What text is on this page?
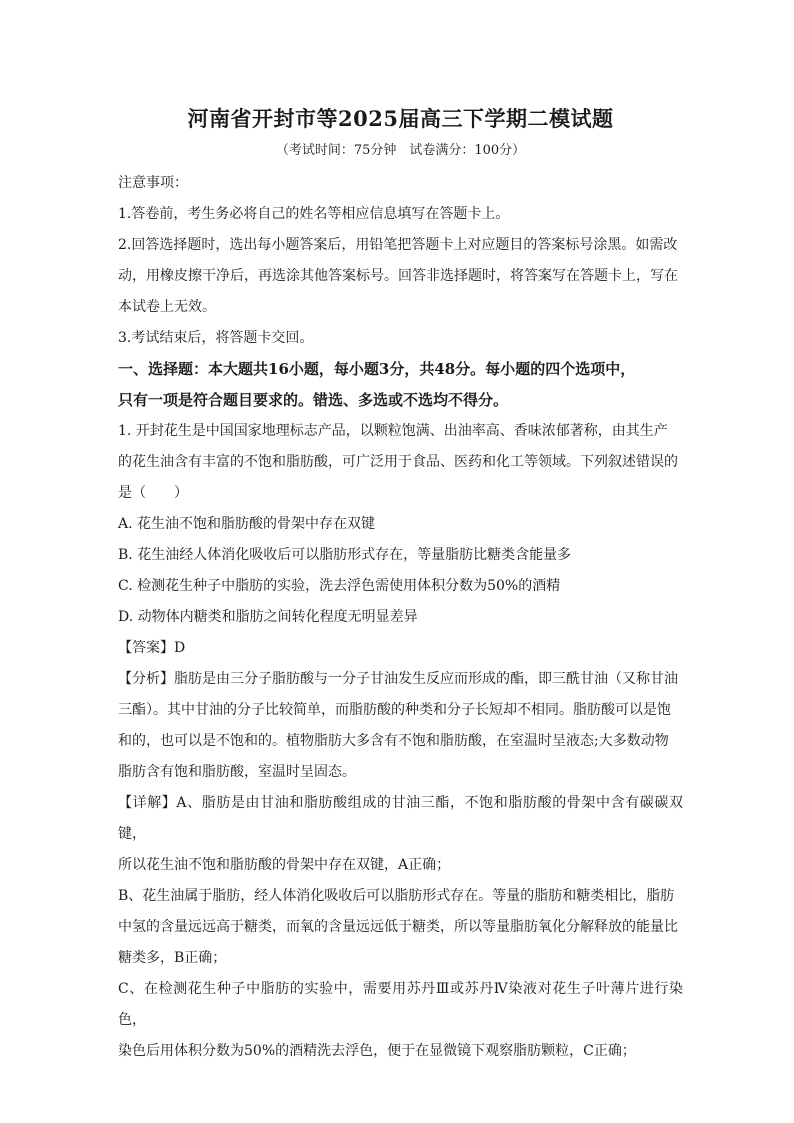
河南省开封市等2025届高三下学期二模试题
（考试时间：75分钟　试卷满分：100分）

注意事项：

1.答卷前，考生务必将自己的姓名等相应信息填写在答题卡上。

2.回答选择题时，选出每小题答案后，用铅笔把答题卡上对应题目的答案标号涂黑。如需改

动，用橡皮擦干净后，再选涂其他答案标号。回答非选择题时，将答案写在答题卡上，写在

本试卷上无效。

3.考试结束后，将答题卡交回。

一、选择题：本大题共16小题，每小题3分，共48分。每小题的四个选项中，

只有一项是符合题目要求的。错选、多选或不选均不得分。

1. 开封花生是中国国家地理标志产品，以颗粒饱满、出油率高、香味浓郁著称，由其生产

的花生油含有丰富的不饱和脂肪酸，可广泛用于食品、医药和化工等领域。下列叙述错误的

是（　　）

A. 花生油不饱和脂肪酸的骨架中存在双键

B. 花生油经人体消化吸收后可以脂肪形式存在，等量脂肪比糖类含能量多

C. 检测花生种子中脂肪的实验，洗去浮色需使用体积分数为50%的酒精

D. 动物体内糖类和脂肪之间转化程度无明显差异

【答案】D

【分析】脂肪是由三分子脂肪酸与一分子甘油发生反应而形成的酯，即三酰甘油（又称甘油

三酯）。其中甘油的分子比较简单，而脂肪酸的种类和分子长短却不相同。脂肪酸可以是饱

和的，也可以是不饱和的。植物脂肪大多含有不饱和脂肪酸，在室温时呈液态;大多数动物

脂肪含有饱和脂肪酸，室温时呈固态。

【详解】A、脂肪是由甘油和脂肪酸组成的甘油三酯，不饱和脂肪酸的骨架中含有碳碳双键，

所以花生油不饱和脂肪酸的骨架中存在双键，A正确；

B、花生油属于脂肪，经人体消化吸收后可以脂肪形式存在。等量的脂肪和糖类相比，脂肪

中氢的含量远远高于糖类，而氧的含量远远低于糖类，所以等量脂肪氧化分解释放的能量比

糖类多，B正确；

C、在检测花生种子中脂肪的实验中，需要用苏丹Ⅲ或苏丹Ⅳ染液对花生子叶薄片进行染色，

染色后用体积分数为50%的酒精洗去浮色，便于在显微镜下观察脂肪颗粒，C正确；
